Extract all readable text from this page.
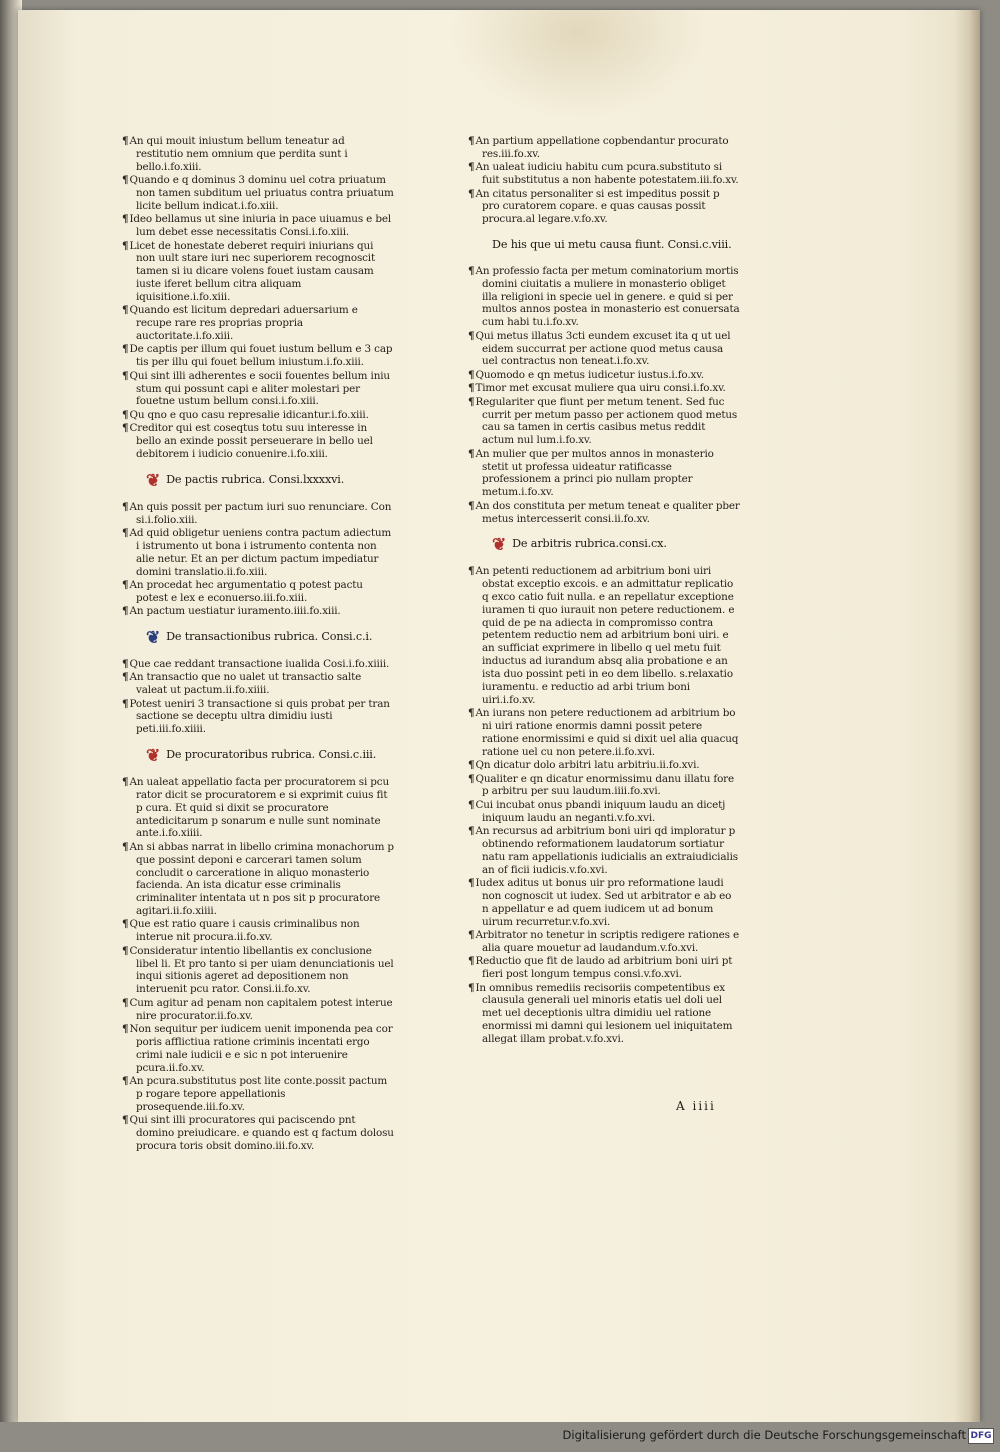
¶An qui mouit iniustum bellum teneatur ad restitutio nem omnium que perdita sunt i bello.i.fo.xiii.
¶Quando e q dominus 3 dominu uel cotra priuatum non tamen subditum uel priuatus contra priuatum licite bellum indicat.i.fo.xiii.
¶Ideo bellamus ut sine iniuria in pace uiuamus e bel lum debet esse necessitatis Consi.i.fo.xiii.
¶Licet de honestate deberet requiri iniurians qui non uult stare iuri nec superiorem recognoscit tamen si iu dicare volens fouet iustam causam iuste iferet bellum citra aliquam iquisitione.i.fo.xiii.
¶Quando est licitum depredari aduersarium e recupe rare res proprias propria auctoritate.i.fo.xiii.
¶De captis per illum qui fouet iustum bellum e 3 cap tis per illu qui fouet bellum iniustum.i.fo.xiii.
¶Qui sint illi adherentes e socii fouentes bellum iniu stum qui possunt capi e aliter molestari per fouetne ustum bellum consi.i.fo.xiii.
¶Qu qno e quo casu represalie idicantur.i.fo.xiii.
¶Creditor qui est coseqtus totu suu interesse in bello an exinde possit perseuerare in bello uel debitorem i iudicio conuenire.i.fo.xiii.
❦ De pactis rubrica. Consi.lxxxxvi.
¶An quis possit per pactum iuri suo renunciare. Con si.i.folio.xiii.
¶Ad quid obligetur ueniens contra pactum adiectum i istrumento ut bona i istrumento contenta non alie netur. Et an per dictum pactum impediatur domini translatio.ii.fo.xiii.
¶An procedat hec argumentatio q potest pactu potest e lex e econuerso.iii.fo.xiii.
¶An pactum uestiatur iuramento.iiii.fo.xiii.
❦ De transactionibus rubrica. Consi.c.i.
¶Que cae reddant transactione iualida Cosi.i.fo.xiiii.
¶An transactio que no ualet ut transactio salte valeat ut pactum.ii.fo.xiiii.
¶Potest ueniri 3 transactione si quis probat per tran sactione se deceptu ultra dimidiu iusti peti.iii.fo.xiiii.
❦ De procuratoribus rubrica. Consi.c.iii.
¶An ualeat appellatio facta per procuratorem si pcu rator dicit se procuratorem e si exprimit cuius fit p cura. Et quid si dixit se procuratore antedicitarum p sonarum e nulle sunt nominate ante.i.fo.xiiii.
¶An si abbas narrat in libello crimina monachorum p que possint deponi e carcerari tamen solum concludit o carceratione in aliquo monasterio facienda. An ista dicatur esse criminalis criminaliter intentata ut n pos sit p procuratore agitari.ii.fo.xiiii.
¶Que est ratio quare i causis criminalibus non interue nit procura.ii.fo.xv.
¶Consideratur intentio libellantis ex conclusione libel li. Et pro tanto si per uiam denunciationis uel inqui sitionis ageret ad depositionem non interuenit pcu rator. Consi.ii.fo.xv.
¶Cum agitur ad penam non capitalem potest interue nire procurator.ii.fo.xv.
¶Non sequitur per iudicem uenit imponenda pea cor poris afflictiua ratione criminis incentati ergo crimi nale iudicii e e sic n pot interuenire pcura.ii.fo.xv.
¶An pcura.substitutus post lite conte.possit pactum p rogare tepore appellationis prosequende.iii.fo.xv.
¶Qui sint illi procuratores qui paciscendo pnt domino preiudicare. e quando est q factum dolosu procura toris obsit domino.iii.fo.xv.
¶An partium appellatione copbendantur procurato res.iii.fo.xv.
¶An ualeat iudiciu habitu cum pcura.substituto si fuit substitutus a non habente potestatem.iii.fo.xv.
¶An citatus personaliter si est impeditus possit p pro curatorem copare. e quas causas possit procura.al legare.v.fo.xv.
De his que ui metu causa fiunt. Consi.c.viii.
¶An professio facta per metum cominatorium mortis domini ciuitatis a muliere in monasterio obliget illa religioni in specie uel in genere. e quid si per multos annos postea in monasterio est conuersata cum habi tu.i.fo.xv.
¶Qui metus illatus 3cti eundem excuset ita q ut uel eidem succurrat per actione quod metus causa uel contractus non teneat.i.fo.xv.
¶Quomodo e qn metus iudicetur iustus.i.fo.xv.
¶Timor met excusat muliere qua uiru consi.i.fo.xv.
¶Regulariter que fiunt per metum tenent. Sed fuc currit per metum passo per actionem quod metus cau sa tamen in certis casibus metus reddit actum nul lum.i.fo.xv.
¶An mulier que per multos annos in monasterio stetit ut professa uideatur ratificasse professionem a princi pio nullam propter metum.i.fo.xv.
¶An dos constituta per metum teneat e qualiter pber metus intercesserit consi.ii.fo.xv.
❦ De arbitris rubrica.consi.cx.
¶An petenti reductionem ad arbitrium boni uiri obstat exceptio excois. e an admittatur replicatio q exco catio fuit nulla. e an repellatur exceptione iuramen ti quo iurauit non petere reductionem. e quid de pe na adiecta in compromisso contra petentem reductio nem ad arbitrium boni uiri. e an sufficiat exprimere in libello q uel metu fuit inductus ad iurandum absq alia probatione e an ista duo possint peti in eo dem libello. s.relaxatio iuramentu. e reductio ad arbi trium boni uiri.i.fo.xv.
¶An iurans non petere reductionem ad arbitrium bo ni uiri ratione enormis damni possit petere ratione enormissimi e quid si dixit uel alia quacuq ratione uel cu non petere.ii.fo.xvi.
¶Qn dicatur dolo arbitri latu arbitriu.ii.fo.xvi.
¶Qualiter e qn dicatur enormissimu danu illatu fore p arbitru per suu laudum.iiii.fo.xvi.
¶Cui incubat onus pbandi iniquum laudu an dicetj iniquum laudu an neganti.v.fo.xvi.
¶An recursus ad arbitrium boni uiri qd imploratur p obtinendo reformationem laudatorum sortiatur natu ram appellationis iudicialis an extraiudicialis an of ficii iudicis.v.fo.xvi.
¶Iudex aditus ut bonus uir pro reformatione laudi non cognoscit ut iudex. Sed ut arbitrator e ab eo n appellatur e ad quem iudicem ut ad bonum uirum recurretur.v.fo.xvi.
¶Arbitrator no tenetur in scriptis redigere rationes e alia quare mouetur ad laudandum.v.fo.xvi.
¶Reductio que fit de laudo ad arbitrium boni uiri pt fieri post longum tempus consi.v.fo.xvi.
¶In omnibus remediis recisoriis competentibus ex clausula generali uel minoris etatis uel doli uel met uel deceptionis ultra dimidiu uel ratione enormissi mi damni qui lesionem uel iniquitatem allegat illam probat.v.fo.xvi.
A iiii
Digitalisierung gefördert durch die Deutsche Forschungsgemeinschaft DFG
